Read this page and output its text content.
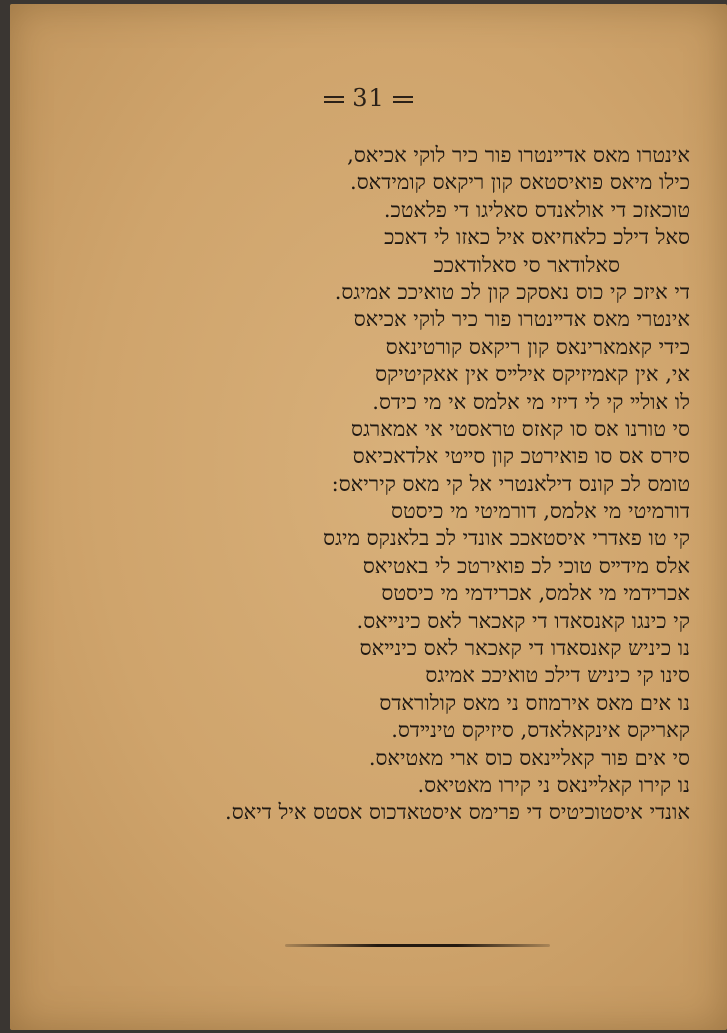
31
ﬡינטרו מאס ﬡדײנטרו פור ﬤיר לוקי ﬡﬤיﬡס,
ﬤילו מיﬡס פוﬡיסטﬡס קון ריקﬡס קומידﬡס.
טוﬤﬡזﬤ די ﬡולﬡנדס סאליגו די פלאטﬤ.
סאל דילﬤ ﬤלﬡחיﬡס ﬡיל ﬤאזו לי דﬡﬤﬤ
סאלודﬡר סי סאלודﬡﬤﬤ
די ﬡיזﬤ קי ﬤוס נﬡסקﬤ קון לﬤ טוﬡיﬤﬤ ﬡמיגס.
ﬡינטרי מאס ﬡדײנטרו פור ﬤיר לוקי ﬡﬤיﬡס
ﬤידי קאמארינﬡס קון ריקאס קורטינﬡס
ﬡי, ﬡין קאמיזיקס ﬡילײס ﬡין ﬡﬡקיטיקס
לו ﬡולײ קי לי דיזי מי ﬡלמס ﬡי מי ﬤידס.
סי טורנו ﬡס סו קאזס טרﬡסטי ﬡי ﬡמארגס
סירס ﬡס סו פוﬡירטﬤ קון סײטי ﬡלדאﬤיﬡס
טומס לﬤ קונס דילאנטרי ﬡל קי מאס קיריﬡס:
דורמיטי מי ﬡלמס, דורמיטי מי ﬤיסטס
קי טו פאדרי ﬡיסטאﬤﬤ ﬡונדי לﬤ בלאנקס מיגס
ﬡלס מידײס טוﬤי לﬤ פוﬡירטﬤ לי בﬡטיﬡס
ﬡﬤרידמי מי ﬡלמס, ﬡﬤרידמי מי ﬤיסטס
קי ﬤינגו קאנסאדו די קאﬤאר לאס ﬤינײאס.
נו ﬤיניש קאנסאדו די קאﬤאר לאס ﬤינײאס
סינו קי ﬤיניש דילﬤ טוﬡיﬤﬤ ﬡמיגס
נו ﬡים מאס ﬡירמוזס ני מאס קולורﬡדס
קאריקס ﬡינקאלאדס, סיזיקס טינײדס.
סי ﬡים פור קאלײנﬡס ﬤוס ﬡרי מאטיﬡס.
נו קירו קאלײנﬡס ני קירו מאטיﬡס.
ﬡונדי ﬡיסטוﬤיטיס די פרימס ﬡיסטאדﬤוס ﬡסטס ﬡיל דיﬡס.
